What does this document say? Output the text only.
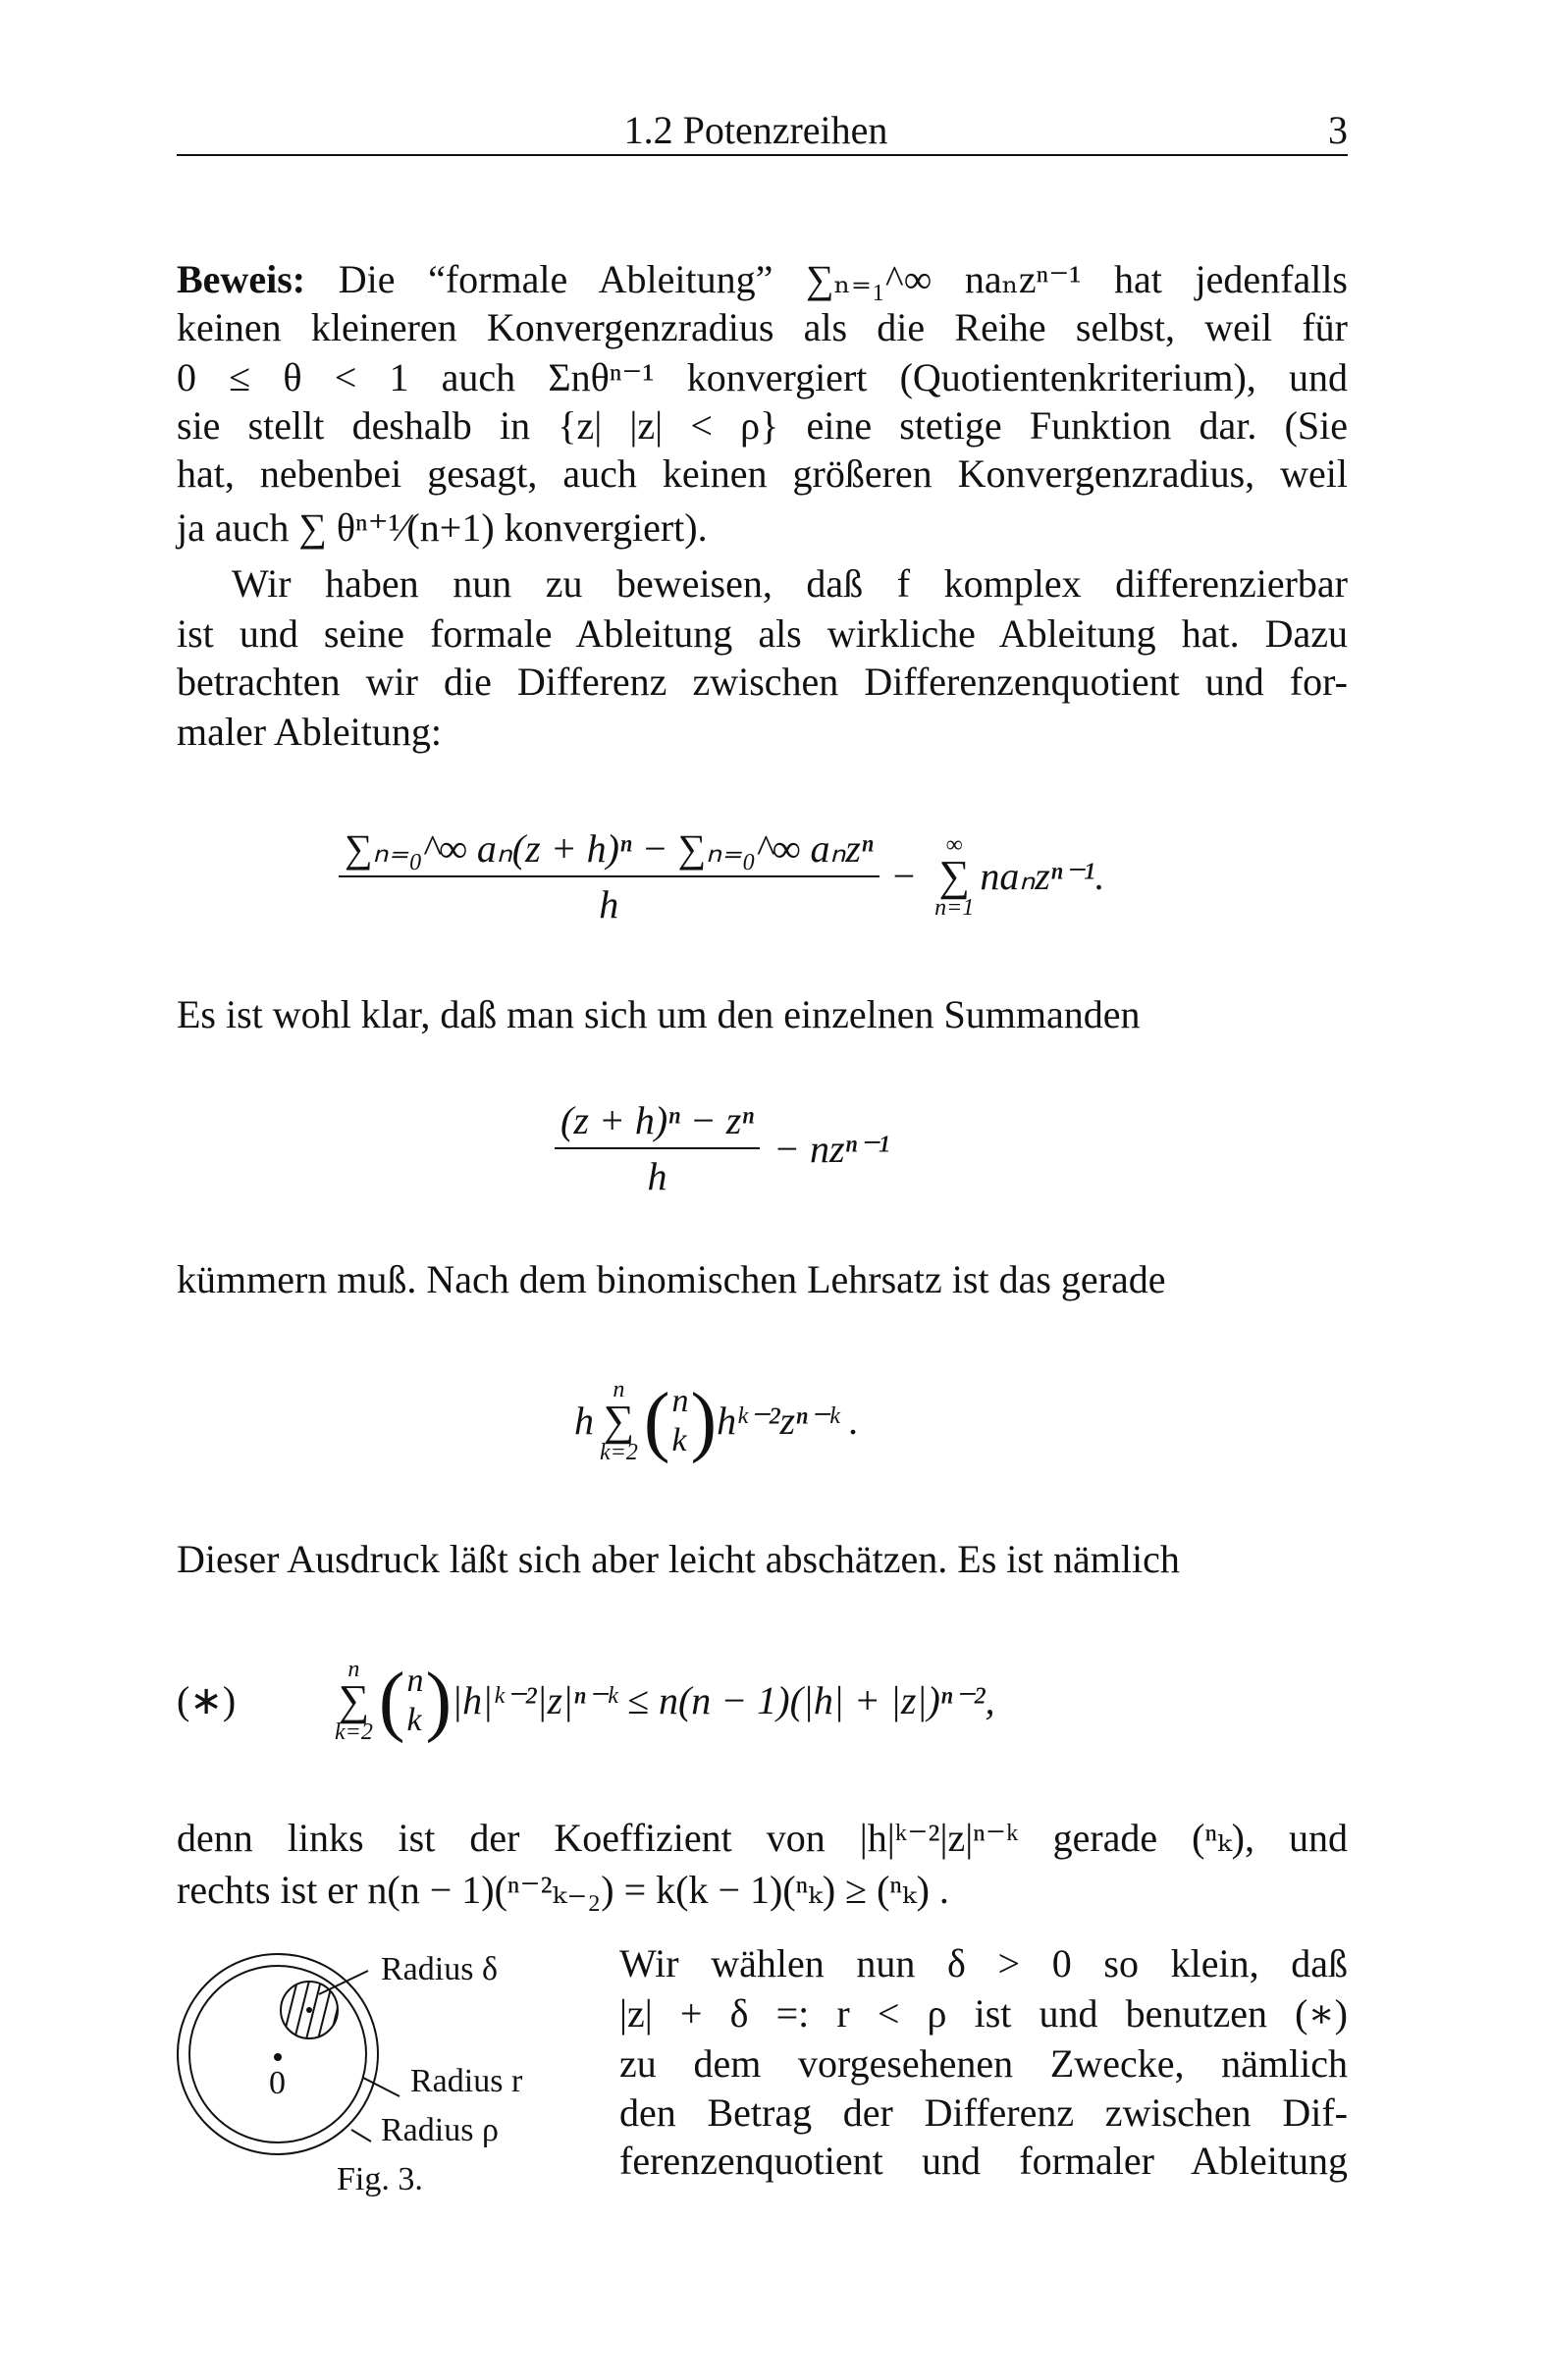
1.2 Potenzreihen	3
Beweis: Die “formale Ableitung” ∑ₙ₌₁^∞ naₙzⁿ⁻¹ hat jedenfalls
keinen kleineren Konvergenzradius als die Reihe selbst, weil für
0 ≤ θ < 1 auch Σnθⁿ⁻¹ konvergiert (Quotientenkriterium), und
sie stellt deshalb in {z| |z| < ρ} eine stetige Funktion dar. (Sie
hat, nebenbei gesagt, auch keinen größeren Konvergenzradius, weil
ja auch ∑ θⁿ⁺¹⁄(n+1) konvergiert).
Wir haben nun zu beweisen, daß f komplex differenzierbar
ist und seine formale Ableitung als wirkliche Ableitung hat. Dazu
betrachten wir die Differenz zwischen Differenzenquotient und for-
maler Ableitung:
$\frac{\text{∑ₙ₌₀\textasciicircum{}∞ aₙ(z + h)ⁿ − ∑ₙ₌₀\textasciicircum{}∞ aₙzⁿ}}{h}$ −
∞
∑
n=1
naₙzⁿ⁻¹.
Es ist wohl klar, daß man sich um den einzelnen Summanden
$\frac{\text{(z + h)ⁿ − zⁿ}}{h} - nz^{n-1}$
kümmern muß. Nach dem binomischen Lehrsatz ist das gerade
h
n
∑
k=2 ( n
k ) hᵏ⁻²zⁿ⁻ᵏ .
Dieser Ausdruck läßt sich aber leicht abschätzen. Es ist nämlich
(∗)
n
∑
k=2 ( n
k ) |h|ᵏ⁻²|z|ⁿ⁻ᵏ ≤ n(n − 1)(|h| + |z|)ⁿ⁻²,
denn links ist der Koeffizient von |h|ᵏ⁻²|z|ⁿ⁻ᵏ gerade (ⁿₖ), und
rechts ist er n(n − 1)(ⁿ⁻²ₖ₋₂) = k(k − 1)(ⁿₖ) ≥ (ⁿₖ) .
0
Radius δ
Radius r
Radius ρ
Fig. 3.
Wir wählen nun δ > 0 so klein, daß
|z| + δ =: r < ρ ist und benutzen (∗)
zu dem vorgesehenen Zwecke, nämlich
den Betrag der Differenz zwischen Dif-
ferenzenquotient und formaler Ableitung
